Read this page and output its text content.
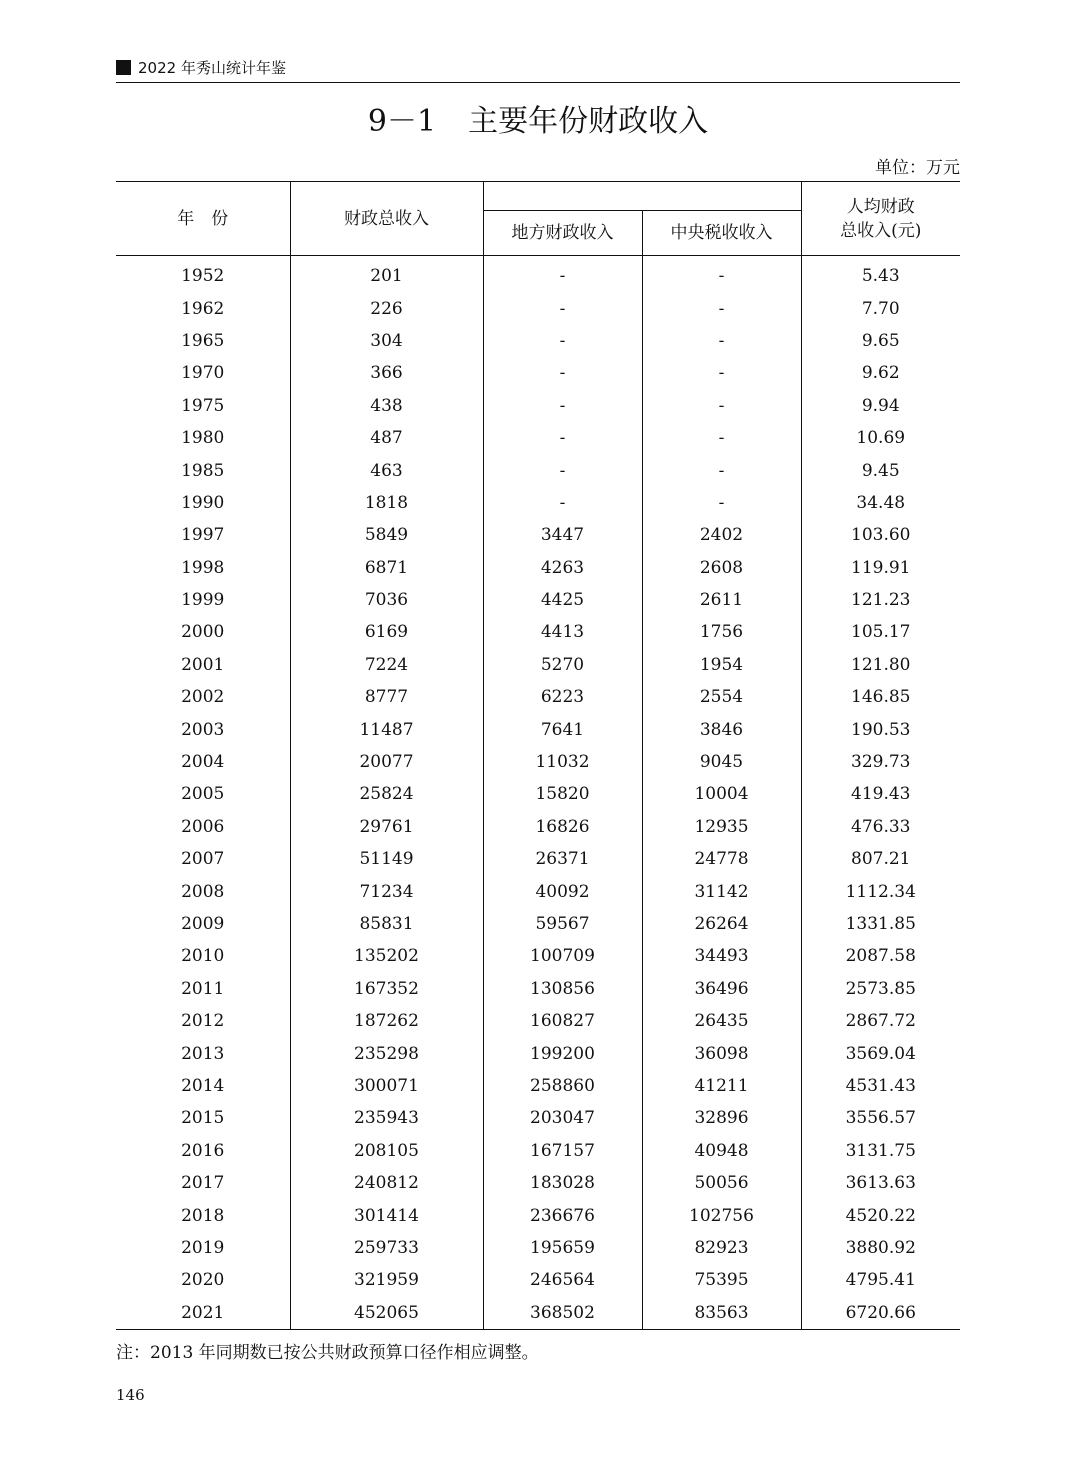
2022 年秀山统计年鉴
9－1 主要年份财政收入
单位：万元
年　份	财政总收入			人均财政
总收入(元)

		地方财政收入	中央税收收入	
1952	201	-	-	5.43
1962	226	-	-	7.70
1965	304	-	-	9.65
1970	366	-	-	9.62
1975	438	-	-	9.94
1980	487	-	-	10.69
1985	463	-	-	9.45
1990	1818	-	-	34.48
1997	5849	3447	2402	103.60
1998	6871	4263	2608	119.91
1999	7036	4425	2611	121.23
2000	6169	4413	1756	105.17
2001	7224	5270	1954	121.80
2002	8777	6223	2554	146.85
2003	11487	7641	3846	190.53
2004	20077	11032	9045	329.73
2005	25824	15820	10004	419.43
2006	29761	16826	12935	476.33
2007	51149	26371	24778	807.21
2008	71234	40092	31142	1112.34
2009	85831	59567	26264	1331.85
2010	135202	100709	34493	2087.58
2011	167352	130856	36496	2573.85
2012	187262	160827	26435	2867.72
2013	235298	199200	36098	3569.04
2014	300071	258860	41211	4531.43
2015	235943	203047	32896	3556.57
2016	208105	167157	40948	3131.75
2017	240812	183028	50056	3613.63
2018	301414	236676	102756	4520.22
2019	259733	195659	82923	3880.92
2020	321959	246564	75395	4795.41
2021	452065	368502	83563	6720.66
注：2013 年同期数已按公共财政预算口径作相应调整。
146
